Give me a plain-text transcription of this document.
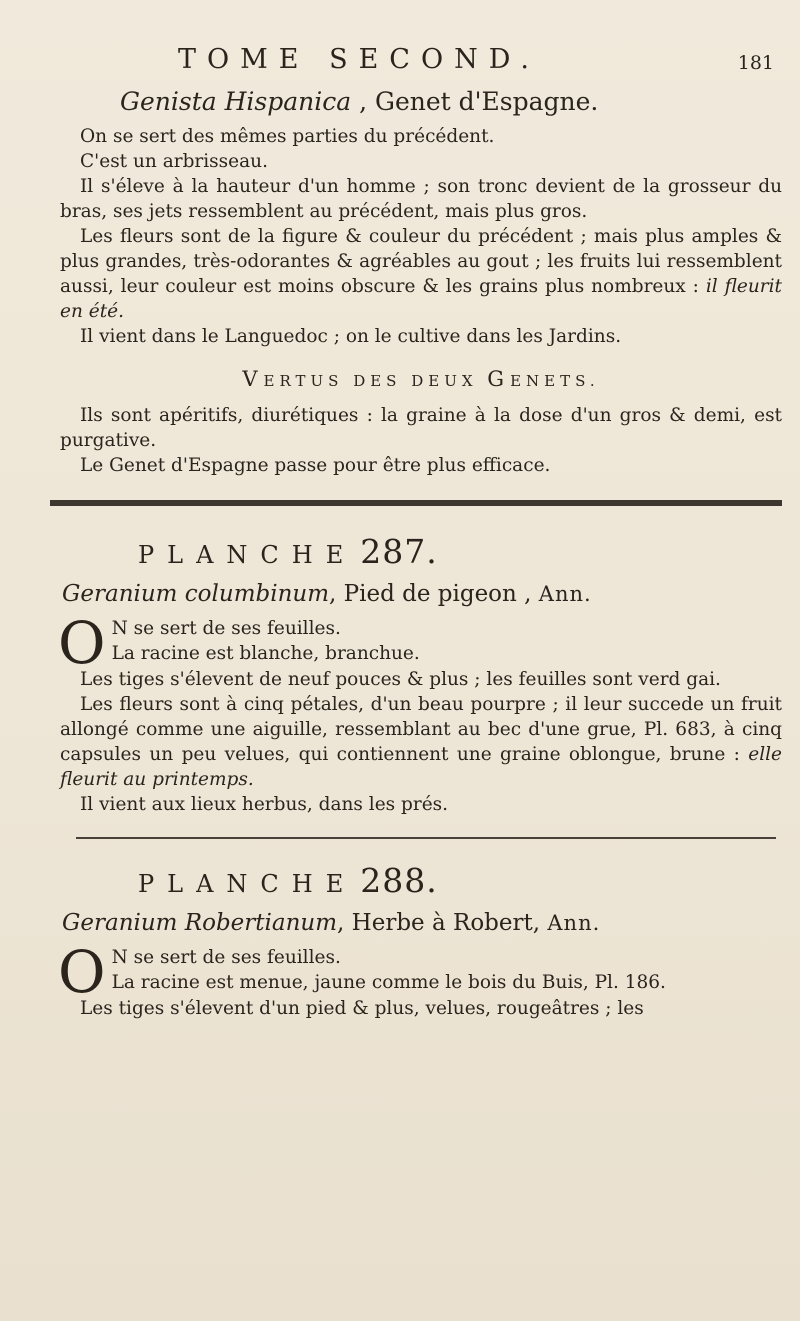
TOME SECOND.	181
Genista Hispanica , Genet d'Espagne.

On se sert des mêmes parties du précédent.

C'est un arbrisseau.

Il s'éleve à la hauteur d'un homme ; son tronc devient de la grosseur du bras, ses jets ressemblent au précédent, mais plus gros.

Les fleurs sont de la figure & couleur du précédent ; mais plus amples & plus grandes, très-odorantes & agréables au gout ; les fruits lui ressemblent aussi, leur couleur est moins obscure & les grains plus nombreux : il fleurit en été.

Il vient dans le Languedoc ; on le cultive dans les Jardins.

VERTUS DES DEUX GENETS.

Ils sont apéritifs, diurétiques : la graine à la dose d'un gros & demi, est purgative.

Le Genet d'Espagne passe pour être plus efficace.

PLANCHE 287.
Geranium columbinum, Pied de pigeon , Ann.
O N se sert de ses feuilles.

La racine est blanche, branchue.

Les tiges s'élevent de neuf pouces & plus ; les feuilles sont verd gai.

Les fleurs sont à cinq pétales, d'un beau pourpre ; il leur succede un fruit allongé comme une aiguille, ressemblant au bec d'une grue, Pl. 683, à cinq capsules un peu velues, qui contiennent une graine oblongue, brune : elle fleurit au printemps.

Il vient aux lieux herbus, dans les prés.

PLANCHE 288.
Geranium Robertianum, Herbe à Robert, Ann.
O N se sert de ses feuilles.

La racine est menue, jaune comme le bois du Buis, Pl. 186.

Les tiges s'élevent d'un pied & plus, velues, rougeâtres ; les
